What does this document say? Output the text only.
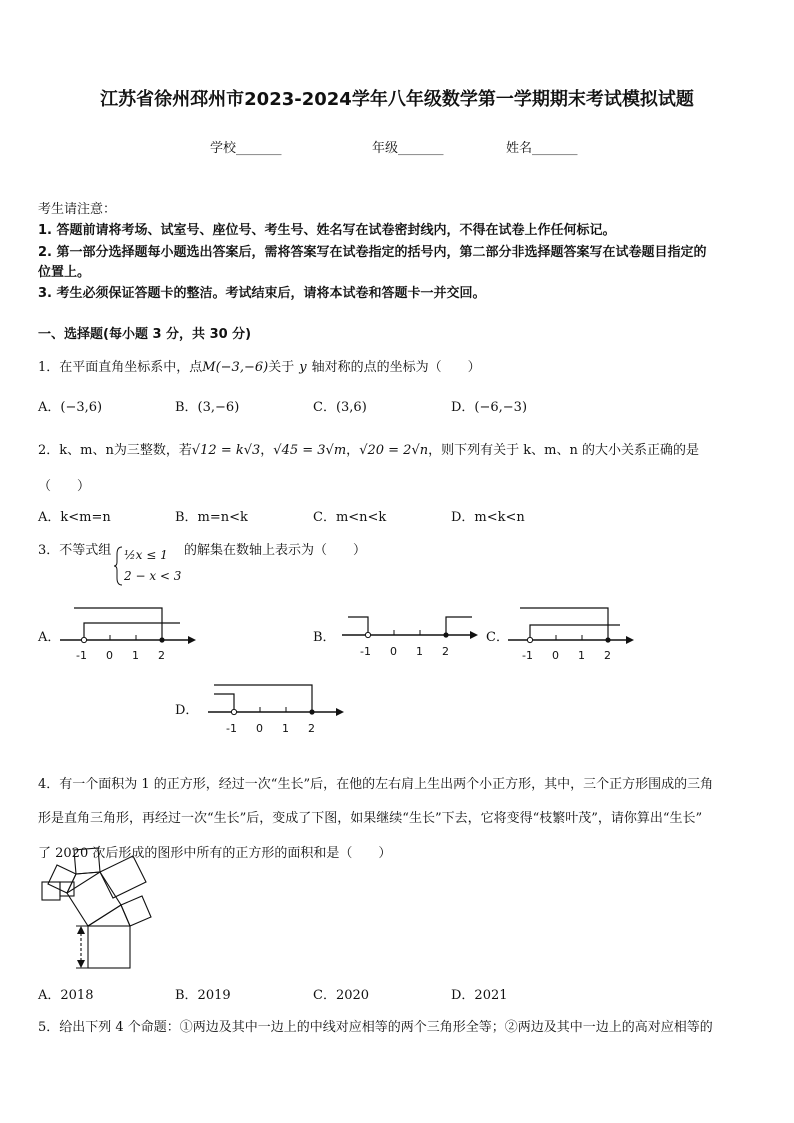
江苏省徐州邳州市2023-2024学年八年级数学第一学期期末考试模拟试题
学校_______	年级_______	姓名_______
考生请注意：
1. 答题前请将考场、试室号、座位号、考生号、姓名写在试卷密封线内，不得在试卷上作任何标记。
2. 第一部分选择题每小题选出答案后，需将答案写在试卷指定的括号内，第二部分非选择题答案写在试卷题目指定的
位置上。
3. 考生必须保证答题卡的整洁。考试结束后，请将本试卷和答题卡一并交回。
一、选择题(每小题 3 分，共 30 分)
1．在平面直角坐标系中，点M(−3,−6)关于 y 轴对称的点的坐标为（　　）
A．(−3,6)	B．(3,−6)	C．(3,6)	D．(−6,−3)
2．k、m、n为三整数，若√12 = k√3，√45 = 3√m，√20 = 2√n，则下列有关于 k、m、n 的大小关系正确的是
（　　）
A．k<m=n	B．m=n<k	C．m<n<k	D．m<k<n
3．不等式组 ½x ≤ 1
2 − x < 3
的解集在数轴上表示为（　　）
A．	B．	C．
D．
-1 0 1 2	-1 0 1 2	-1 0 1 2
-1 0 1 2
4．有一个面积为 1 的正方形，经过一次“生长”后，在他的左右肩上生出两个小正方形，其中，三个正方形围成的三角
形是直角三角形，再经过一次“生长”后，变成了下图，如果继续“生长”下去，它将变得“枝繁叶茂”，请你算出“生长”
了 2020 次后形成的图形中所有的正方形的面积和是（　　）
A．2018	B．2019	C．2020	D．2021
5．给出下列 4 个命题：①两边及其中一边上的中线对应相等的两个三角形全等；②两边及其中一边上的高对应相等的
